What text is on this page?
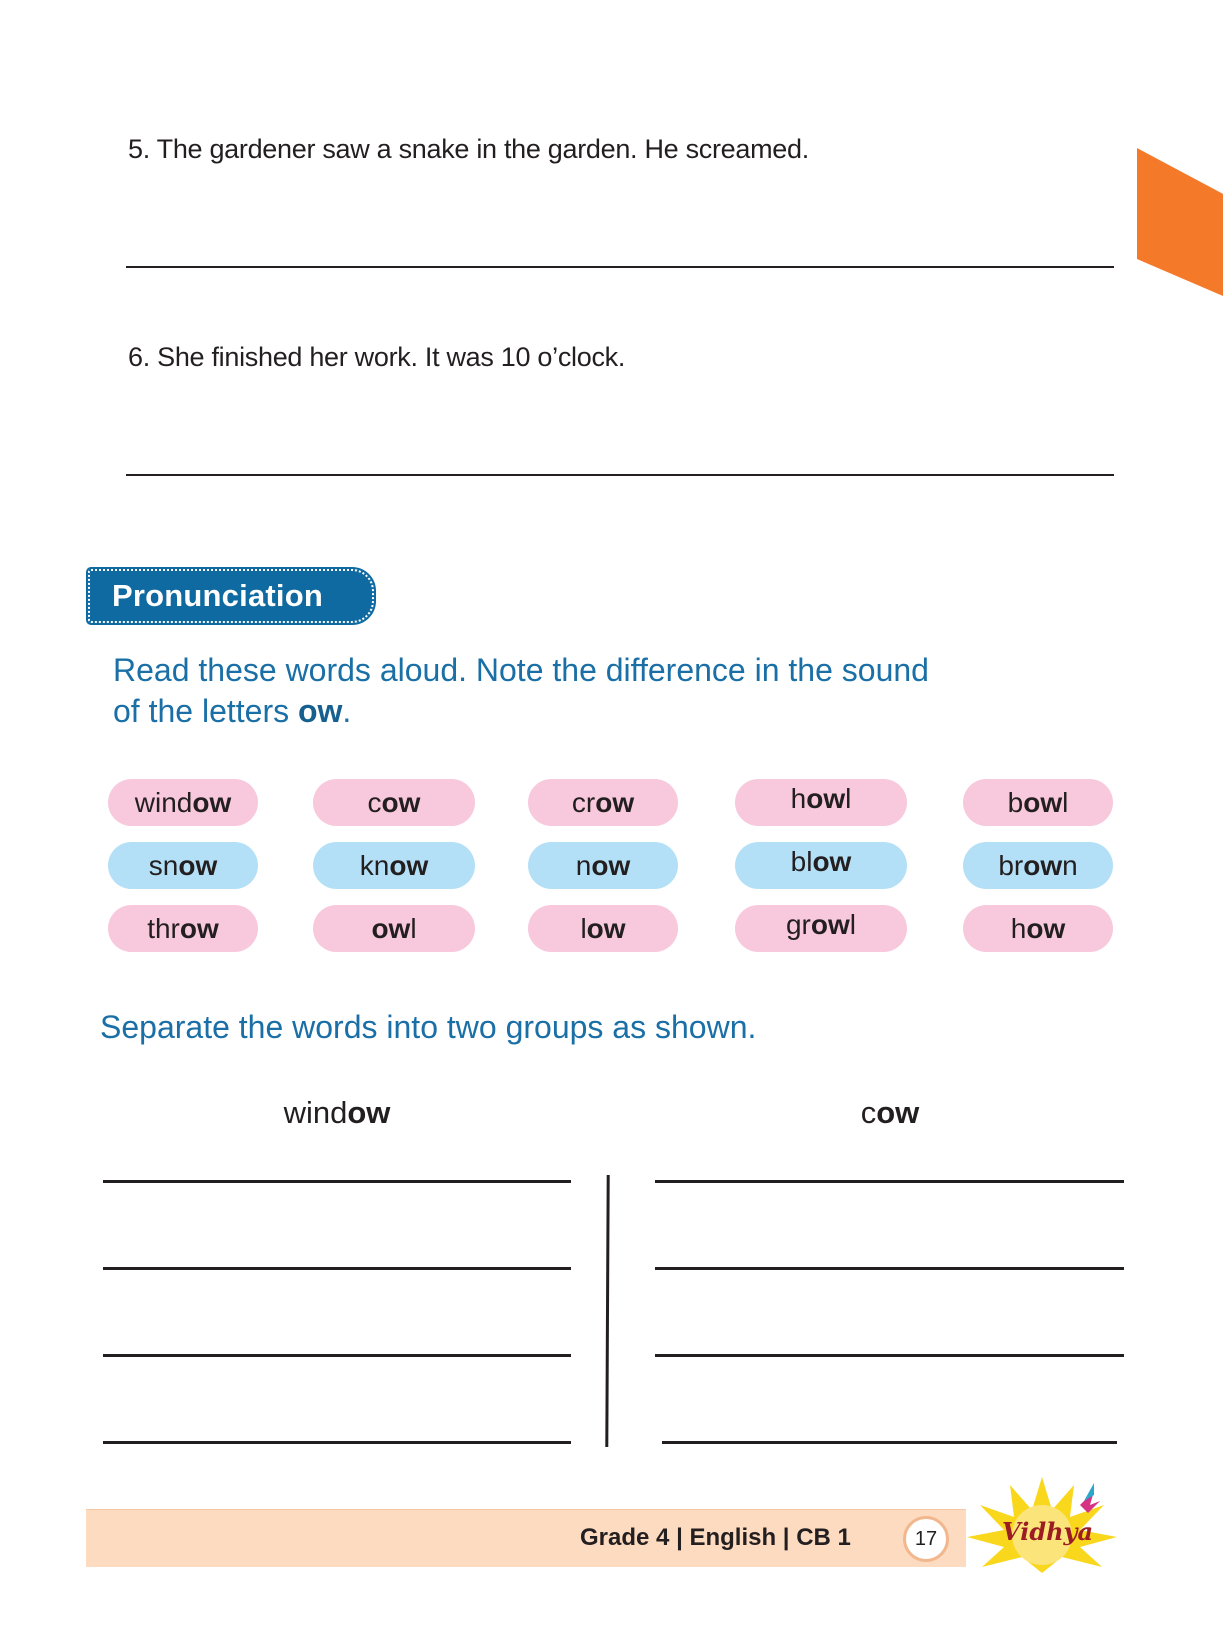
5. The gardener saw a snake in the garden. He screamed.
6. She finished her work. It was 10 o’clock.
Pronunciation
Read these words aloud. Note the difference in the sound
of the letters ow.
wind ow	c ow	cr ow	h ow l	b ow l
sn ow	kn ow	n ow	bl ow	br ow n
thr ow	ow l	l ow	gr ow l	h ow
Separate the words into two groups as shown.
window	cow
Grade 4 | English | CB 1	17	Vidhya
